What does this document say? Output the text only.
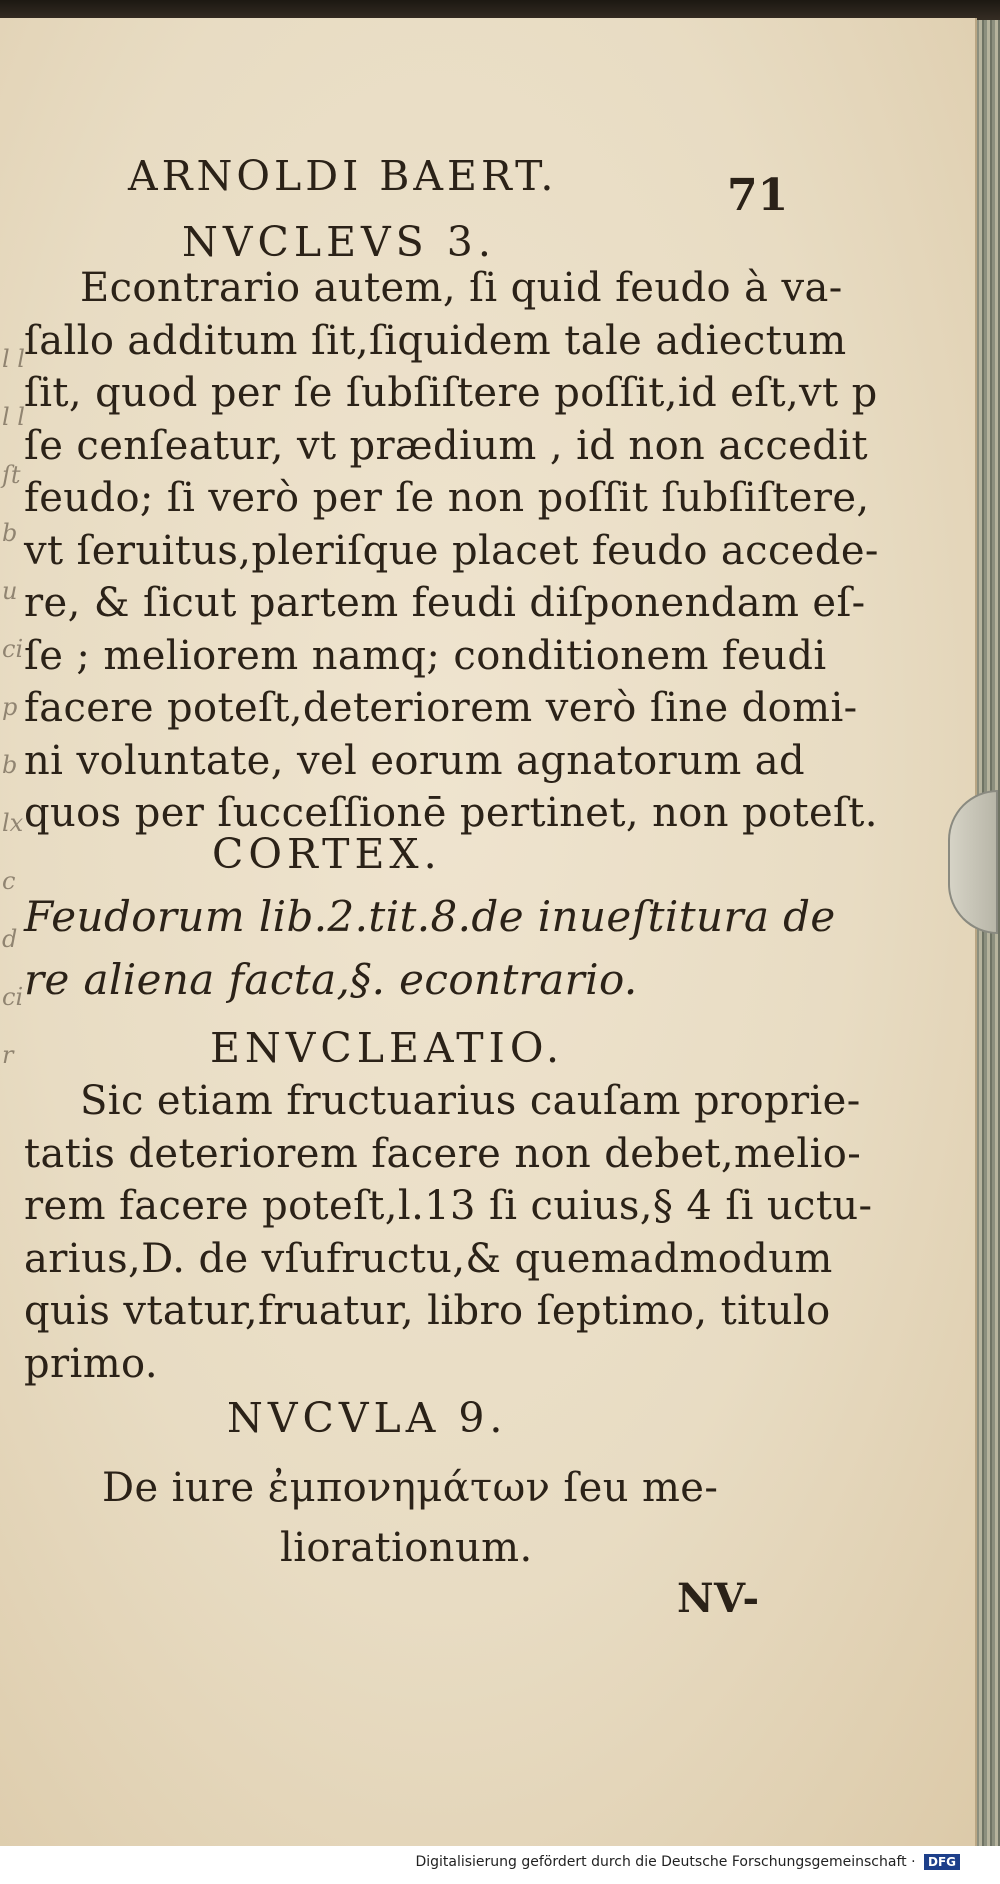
l l l l ſt b u ci p b lx c d ci r
ARNOLDI BAERT.	71
NVCLEVS 3.
Econtrario autem, ſi quid feudo à va-
ſallo additum ſit,ſiquidem tale adiectum
ſit, quod per ſe ſubſiſtere poſſit,id eſt,vt p
ſe cenſeatur, vt prædium , id non accedit
feudo; ſi verò per ſe non poſſit ſubſiſtere,
vt ſeruitus,pleriſque placet feudo accede-
re, & ſicut partem feudi diſponendam eſ-
ſe ; meliorem namq; conditionem feudi
facere poteſt,deteriorem verò ſine domi-
ni voluntate, vel eorum agnatorum ad
quos per ſucceſſionē pertinet, non poteſt.
CORTEX.
Feudorum lib.2.tit.8.de inueſtitura de
re aliena facta,§. econtrario.
ENVCLEATIO.
Sic etiam fructuarius cauſam proprie-
tatis deteriorem facere non debet,melio-
rem facere poteſt,l.13 ſi cuius,§ 4 ſi uctu-
arius,D. de vſufructu,& quemadmodum
quis vtatur,fruatur, libro ſeptimo, titulo
primo.
NVCVLA 9.
De iure ἐμπονημάτων ſeu me-
liorationum.
NV-
Digitalisierung gefördert durch die Deutsche Forschungsgemeinschaft · DFG
